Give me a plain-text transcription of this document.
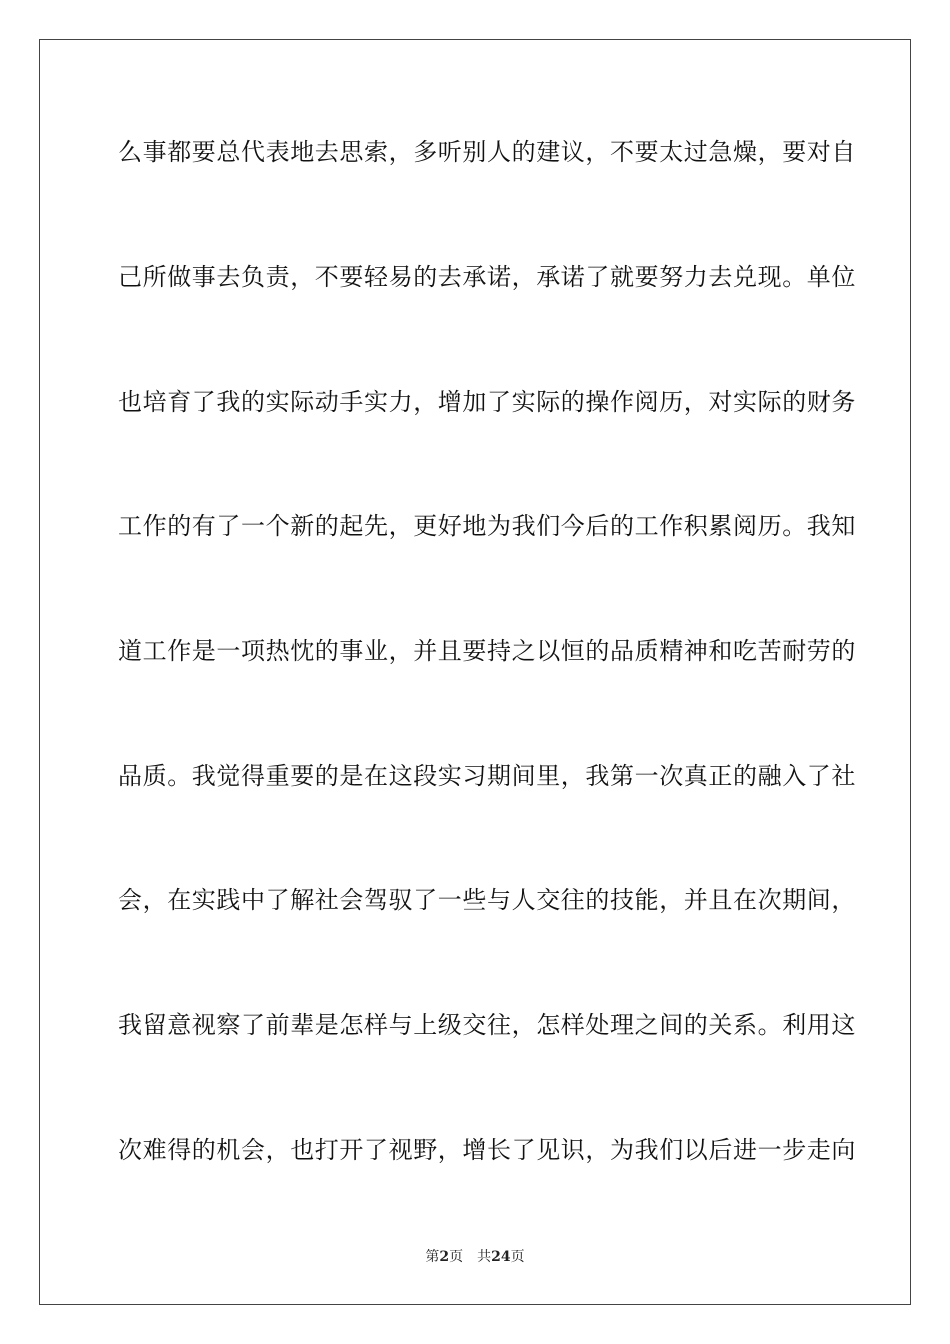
么事都要总代表地去思索，多听别人的建议，不要太过急燥，要对自
己所做事去负责，不要轻易的去承诺，承诺了就要努力去兑现。单位
也培育了我的实际动手实力，增加了实际的操作阅历，对实际的财务
工作的有了一个新的起先，更好地为我们今后的工作积累阅历。我知
道工作是一项热忱的事业，并且要持之以恒的品质精神和吃苦耐劳的
品质。我觉得重要的是在这段实习期间里，我第一次真正的融入了社
会，在实践中了解社会驾驭了一些与人交往的技能，并且在次期间，
我留意视察了前辈是怎样与上级交往，怎样处理之间的关系。利用这
次难得的机会，也打开了视野，增长了见识，为我们以后进一步走向
第2页 共24页
